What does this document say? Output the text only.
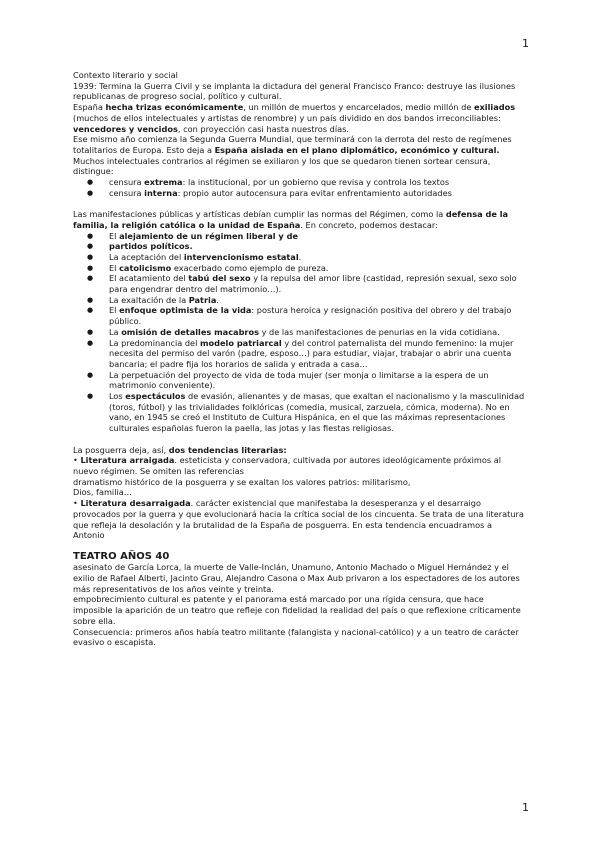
1

Contexto literario y social

1939: Termina la Guerra Civil y se implanta la dictadura del general Francisco Franco: destruye las ilusiones republicanas de progreso social, político y cultural.

España hecha trizas económicamente, un millón de muertos y encarcelados, medio millón de exiliados (muchos de ellos intelectuales y artistas de renombre) y un país dividido en dos bandos irreconciliables: vencedores y vencidos, con proyección casi hasta nuestros días.

Ese mismo año comienza la Segunda Guerra Mundial, que terminará con la derrota del resto de regímenes totalitarios de Europa. Esto deja a España aislada en el plano diplomático, económico y cultural.

Muchos intelectuales contrarios al régimen se exiliaron y los que se quedaron tienen sortear censura, distingue:

● censura extrema: la institucional, por un gobierno que revisa y controla los textos
● censura interna: propio autor autocensura para evitar enfrentamiento autoridades

Las manifestaciones públicas y artísticas debían cumplir las normas del Régimen, como la defensa de la familia, la religión católica o la unidad de España. En concreto, podemos destacar:

● El alejamiento de un régimen liberal y de
● partidos políticos.
● La aceptación del intervencionismo estatal.
● El catolicismo exacerbado como ejemplo de pureza.
● El acatamiento del tabú del sexo y la repulsa del amor libre (castidad, represión sexual, sexo solo para engendrar dentro del matrimonio…).
● La exaltación de la Patria.
● El enfoque optimista de la vida: postura heroica y resignación positiva del obrero y del trabajo público.
● La omisión de detalles macabros y de las manifestaciones de penurias en la vida cotidiana.
● La predominancia del modelo patriarcal y del control paternalista del mundo femenino: la mujer necesita del permiso del varón (padre, esposo…) para estudiar, viajar, trabajar o abrir una cuenta bancaria; el padre fija los horarios de salida y entrada a casa…
● La perpetuación del proyecto de vida de toda mujer (ser monja o limitarse a la espera de un matrimonio conveniente).
● Los espectáculos de evasión, alienantes y de masas, que exaltan el nacionalismo y la masculinidad (toros, fútbol) y las trivialidades folklóricas (comedia, musical, zarzuela, cómica, moderna). No en vano, en 1945 se creó el Instituto de Cultura Hispánica, en el que las máximas representaciones culturales españolas fueron la paella, las jotas y las fiestas religiosas.

La posguerra deja, así, dos tendencias literarias:

• Literatura arraigada. esteticista y conservadora, cultivada por autores ideológicamente próximos al nuevo régimen. Se omiten las referencias

dramatismo histórico de la posguerra y se exaltan los valores patrios: militarismo,

Dios, familia…

• Literatura desarraigada. carácter existencial que manifestaba la desesperanza y el desarraigo provocados por la guerra y que evolucionará hacia la crítica social de los cincuenta. Se trata de una literatura que refleja la desolación y la brutalidad de la España de posguerra. En esta tendencia encuadramos a Antonio

TEATRO AÑOS 40

asesinato de García Lorca, la muerte de Valle-Inclán, Unamuno, Antonio Machado o Miguel Hernández y el exilio de Rafael Alberti, Jacinto Grau, Alejandro Casona o Max Aub privaron a los espectadores de los autores más representativos de los años veinte y treinta.

empobrecimiento cultural es patente y el panorama está marcado por una rígida censura, que hace imposible la aparición de un teatro que refleje con fidelidad la realidad del país o que reflexione críticamente sobre ella.

Consecuencia: primeros años había teatro militante (falangista y nacional-católico) y a un teatro de carácter evasivo o escapista.

1
